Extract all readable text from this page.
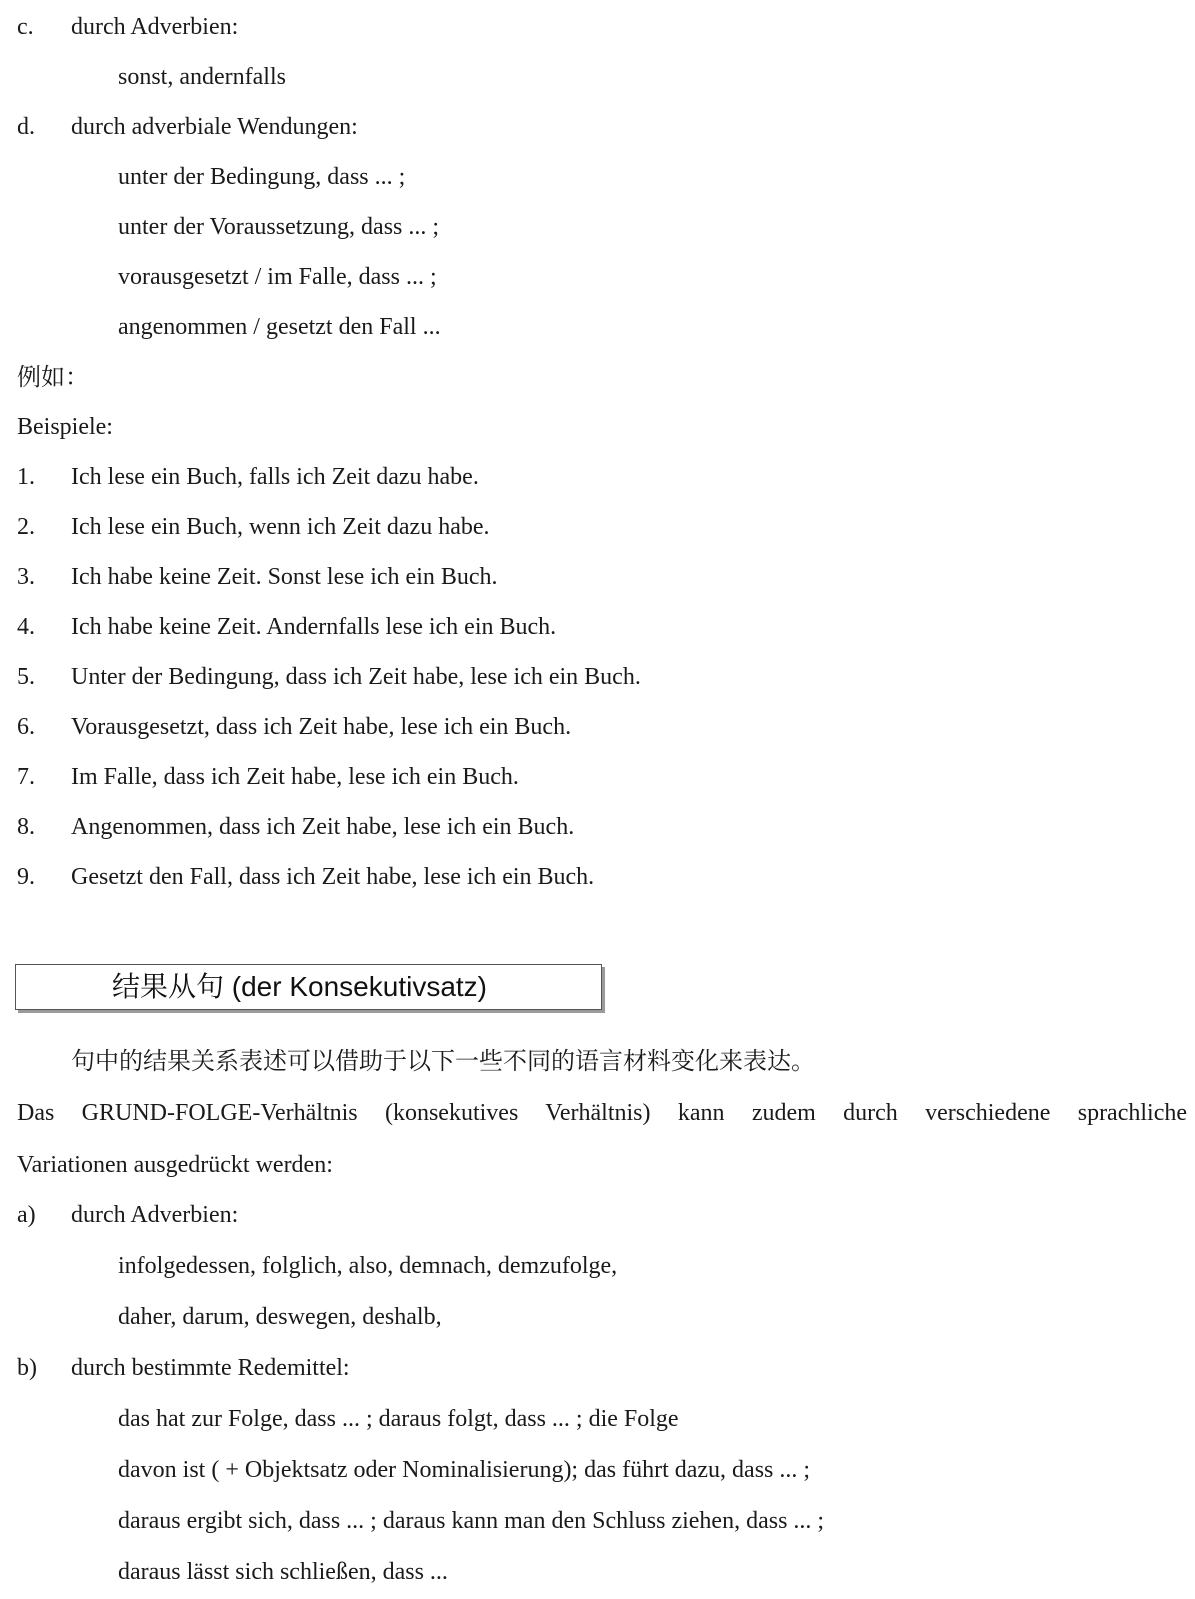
c. durch Adverbien:
sonst, andernfalls
d. durch adverbiale Wendungen:
unter der Bedingung, dass ... ;
unter der Voraussetzung, dass ... ;
vorausgesetzt / im Falle, dass ... ;
angenommen / gesetzt den Fall ...
例如：
Beispiele:
1. Ich lese ein Buch, falls ich Zeit dazu habe.
2. Ich lese ein Buch, wenn ich Zeit dazu habe.
3. Ich habe keine Zeit. Sonst lese ich ein Buch.
4. Ich habe keine Zeit. Andernfalls lese ich ein Buch.
5. Unter der Bedingung, dass ich Zeit habe, lese ich ein Buch.
6. Vorausgesetzt, dass ich Zeit habe, lese ich ein Buch.
7. Im Falle, dass ich Zeit habe, lese ich ein Buch.
8. Angenommen, dass ich Zeit habe, lese ich ein Buch.
9. Gesetzt den Fall, dass ich Zeit habe, lese ich ein Buch.
结果从句 (der Konsekutivsatz)
句中的结果关系表述可以借助于以下一些不同的语言材料变化来表达。
Das GRUND-FOLGE-Verhältnis (konsekutives Verhältnis) kann zudem durch verschiedene sprachliche
Variationen ausgedrückt werden:
a) durch Adverbien:
infolgedessen, folglich, also, demnach, demzufolge,
daher, darum, deswegen, deshalb,
b) durch bestimmte Redemittel:
das hat zur Folge, dass ... ; daraus folgt, dass ... ; die Folge
davon ist ( + Objektsatz oder Nominalisierung); das führt dazu, dass ... ;
daraus ergibt sich, dass ... ; daraus kann man den Schluss ziehen, dass ... ;
daraus lässt sich schließen, dass ...
